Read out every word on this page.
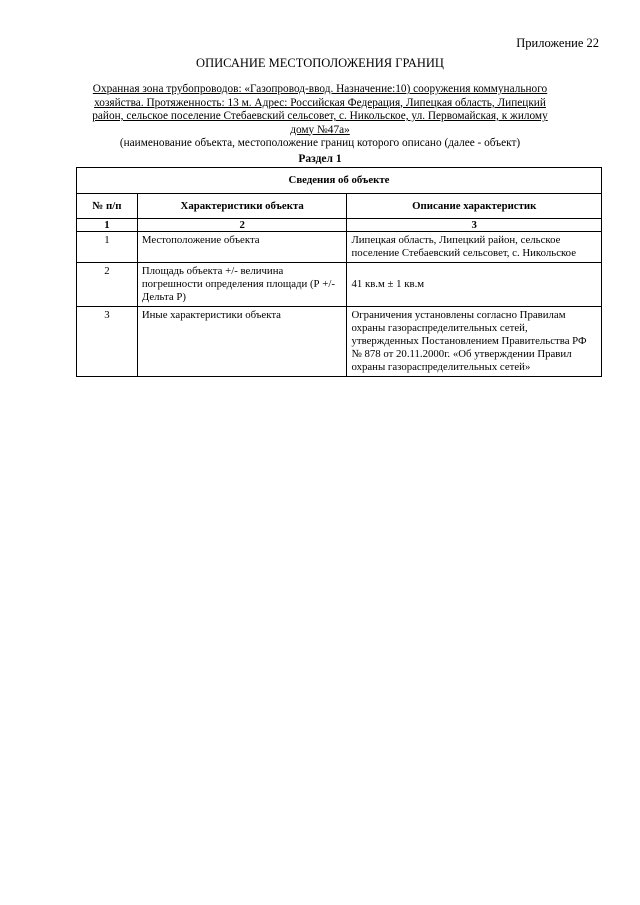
Приложение 22
ОПИСАНИЕ МЕСТОПОЛОЖЕНИЯ ГРАНИЦ
Охранная зона трубопроводов: «Газопровод-ввод. Назначение:10) сооружения коммунального хозяйства. Протяженность: 13 м. Адрес: Российская Федерация, Липецкая область, Липецкий район, сельское поселение Стебаевский сельсовет, с. Никольское, ул. Первомайская, к жилому дому №47а»
(наименование объекта, местоположение границ которого описано (далее - объект)
Раздел 1
Сведения об объекте		
№ п/п	Характеристики объекта	Описание характеристик
1	2	3
1	Местоположение объекта	Липецкая область, Липецкий район, сельское поселение Стебаевский сельсовет, с. Никольское
2	Площадь объекта +/- величина погрешности определения площади (Р +/- Дельта Р)	41 кв.м ± 1 кв.м
3	Иные характеристики объекта	Ограничения установлены согласно Правилам охраны газораспределительных сетей, утвержденных Постановлением Правительства РФ № 878 от 20.11.2000г. «Об утверждении Правил охраны газораспределительных сетей»
